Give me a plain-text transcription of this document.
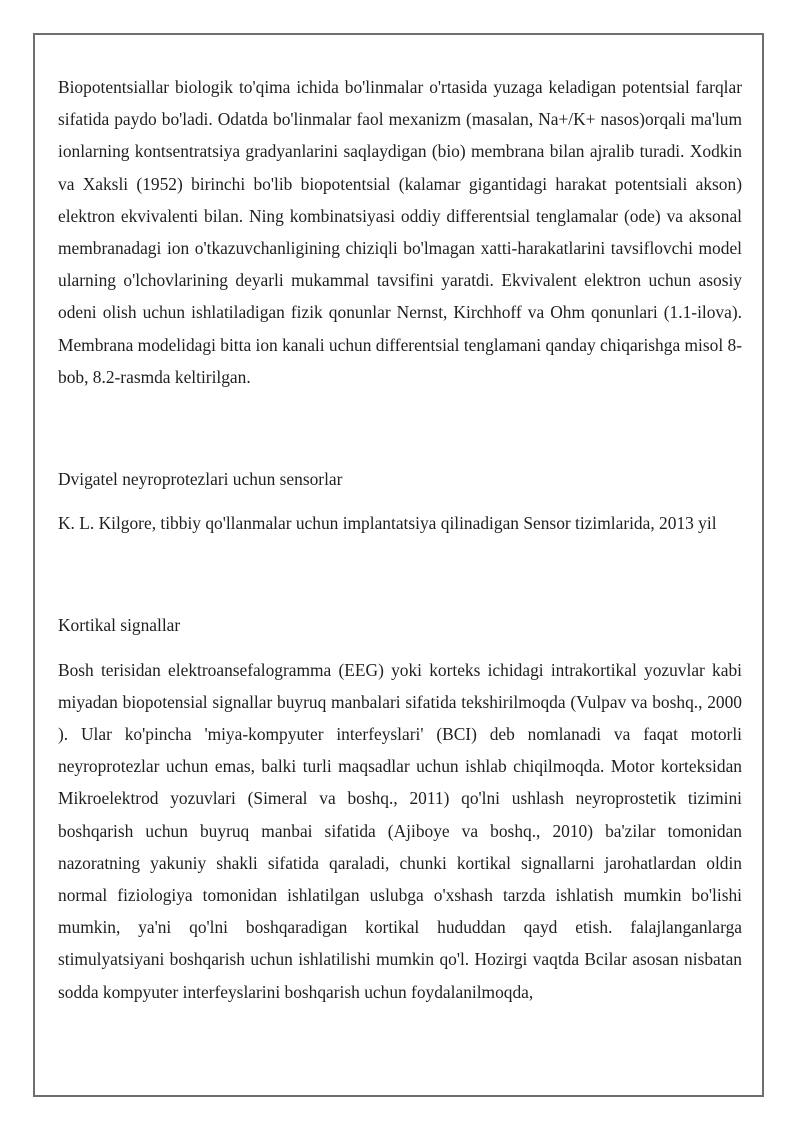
Biopotentsiallar biologik to'qima ichida bo'linmalar o'rtasida yuzaga keladigan potentsial farqlar sifatida paydo bo'ladi. Odatda bo'linmalar faol mexanizm (masalan, Na+/K+ nasos)orqali ma'lum ionlarning kontsentratsiya gradyanlarini saqlaydigan (bio) membrana bilan ajralib turadi. Xodkin va Xaksli (1952) birinchi bo'lib biopotentsial (kalamar gigantidagi harakat potentsiali akson) elektron ekvivalenti bilan. Ning kombinatsiyasi oddiy differentsial tenglamalar (ode) va aksonal membranadagi ion o'tkazuvchanligining chiziqli bo'lmagan xatti-harakatlarini tavsiflovchi model ularning o'lchovlarining deyarli mukammal tavsifini yaratdi. Ekvivalent elektron uchun asosiy odeni olish uchun ishlatiladigan fizik qonunlar Nernst, Kirchhoff va Ohm qonunlari (1.1-ilova). Membrana modelidagi bitta ion kanali uchun differentsial tenglamani qanday chiqarishga misol 8-bob, 8.2-rasmda keltirilgan.

Dvigatel neyroprotezlari uchun sensorlar

K. L. Kilgore, tibbiy qo'llanmalar uchun implantatsiya qilinadigan Sensor tizimlarida, 2013 yil

Kortikal signallar

Bosh terisidan elektroansefalogramma (EEG) yoki korteks ichidagi intrakortikal yozuvlar kabi miyadan biopotensial signallar buyruq manbalari sifatida tekshirilmoqda (Vulpav va boshq., 2000 ). Ular ko'pincha 'miya-kompyuter interfeyslari' (BCI) deb nomlanadi va faqat motorli neyroprotezlar uchun emas, balki turli maqsadlar uchun ishlab chiqilmoqda. Motor korteksidan Mikroelektrod yozuvlari (Simeral va boshq., 2011) qo'lni ushlash neyroprostetik tizimini boshqarish uchun buyruq manbai sifatida (Ajiboye va boshq., 2010) ba'zilar tomonidan nazoratning yakuniy shakli sifatida qaraladi, chunki kortikal signallarni jarohatlardan oldin normal fiziologiya tomonidan ishlatilgan uslubga o'xshash tarzda ishlatish mumkin bo'lishi mumkin, ya'ni qo'lni boshqaradigan kortikal hududdan qayd etish. falajlanganlarga stimulyatsiyani boshqarish uchun ishlatilishi mumkin qo'l. Hozirgi vaqtda Bcilar asosan nisbatan sodda kompyuter interfeyslarini boshqarish uchun foydalanilmoqda,
